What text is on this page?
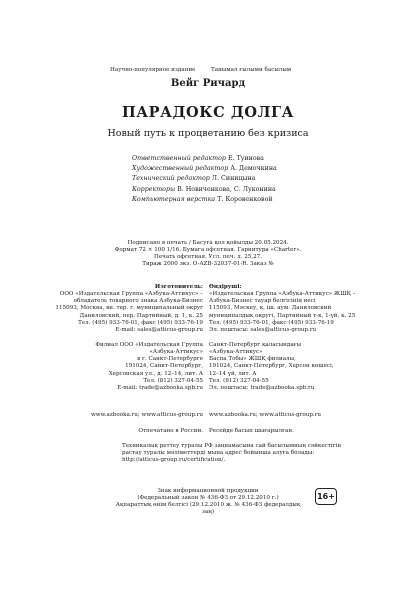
Научно-популярное издание	Танымал ғылыми басылым
Вейг Ричард
ПАРАДОКС ДОЛГА
Новый путь к процветанию без кризиса
Ответственный редактор Е. Туинова
Художественный редактор А. Демочкина
Технический редактор Л. Синицына
Корректоры В. Новиченкова, С. Луконина
Компьютерная верстка Т. Коровенковой
Подписано в печать / Басуға қол қойылды 20.05.2024.
Формат 72 × 100 1/16. Бумага офсетная. Гарнитура «Charter».
Печать офсетная. Усл. печ. л. 25,27.
Тираж 2000 экз. O-AZB-32037-01-R. Заказ №
Изготовитель:
ООО «Издательская Группа «Азбука-Аттикус» –
обладатель товарного знака Азбука-Бизнес
115093, Москва, вн. тер. г. муниципальный округ
Даниловский, пер. Партийный, д. 1, к. 25
Тел. (495) 933-76-01, факс (495) 933-76-19
E-mail: sales@atticus-group.ru
Өндіруші:
«Издательская Группа «Азбука-Аттикус» ЖШҚ –
Азбука-Бизнес тауар белгісінің иесі
115093, Мәскеу, қ. іш. аум. Даниловский
муниципалдық округі, Партийный т-к, 1-үй, к. 25
Тел. (495) 933-76-01, факс (495) 933-76-19
Эл. поштасы: sales@atticus-group.ru
Филиал ООО «Издательская Группа
«Азбука-Аттикус»
в г. Санкт-Петербурге
191024, Санкт-Петербург,
Херсонская ул., д. 12–14, лит. А
Тел. (812) 327-04-55
E-mail: trade@azbooka.spb.ru
Санкт-Петербург қаласындағы
«Азбука-Аттикус»
Баспа Тобы» ЖШҚ филиалы,
191024, Санкт-Петербург, Херсон көшесі,
12–14 үй, лит. А
Тел. (812) 327-04-55
Эл. поштасы: trade@azbooka.spb.ru
www.azbooka.ru; www.atticus-group.ru www.azbooka.ru; www.atticus-group.ru
Отпечатано в России. Ресейде басып шығарылған.
Техникалық реттеу туралы РФ заңнамасына сай басылымның сәйкестігін
растау туралы мәліметтерді мына адрес бойынша алуға болады:
http://atticus-group.ru/certification/.
Знак информационной продукции
(Федеральный закон № 436-ФЗ от 29.12.2010 г.)
Ақпараттық өнім белгісі (29.12.2010 ж. № 436-ФЗ федералдық заң)
16+
